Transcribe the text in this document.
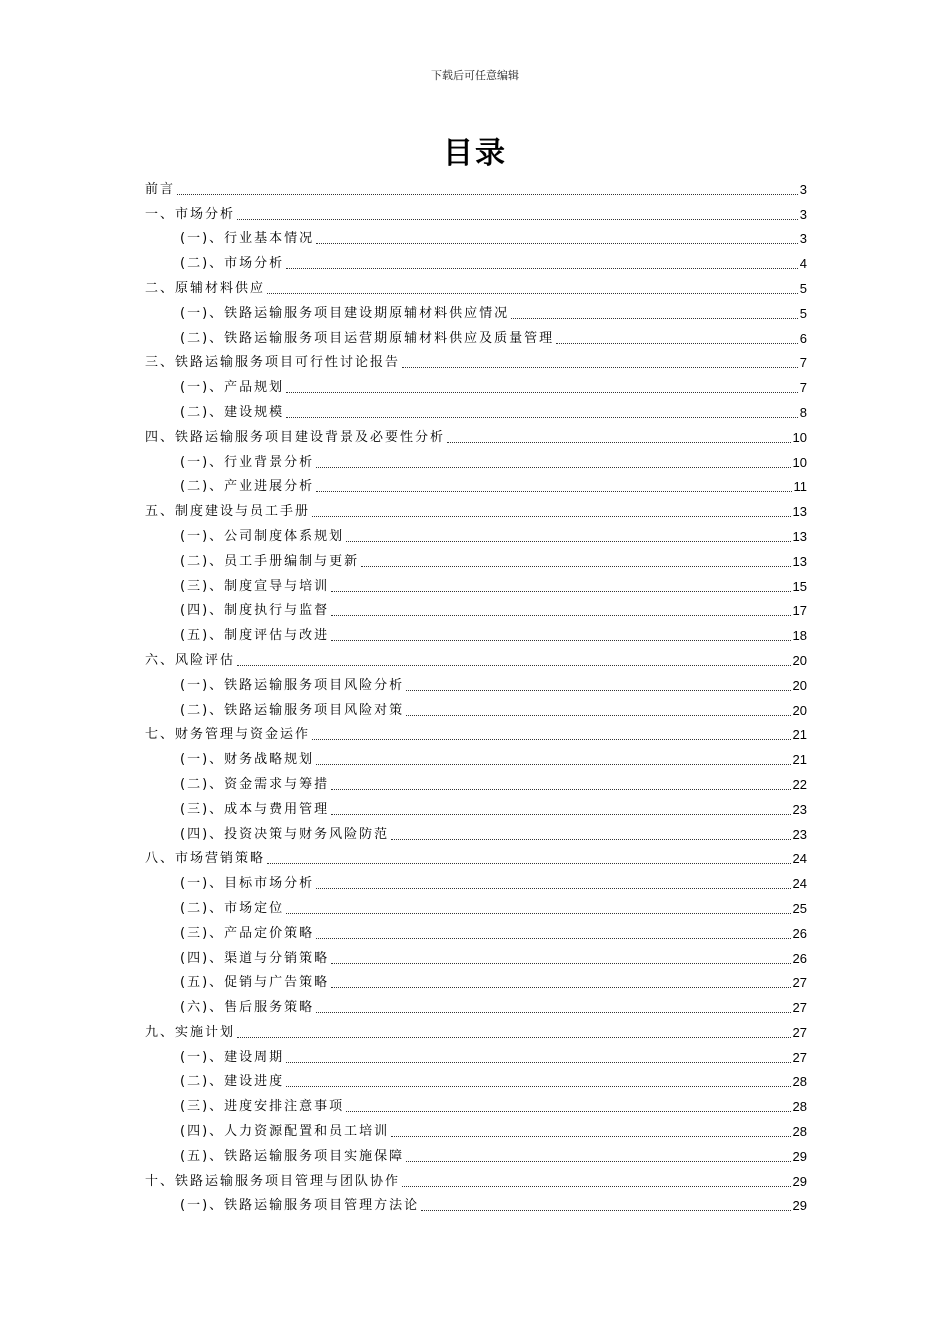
下载后可任意编辑
目录
前言	3
一、市场分析	3
(一)、行业基本情况	3
(二)、市场分析	4
二、原辅材料供应	5
(一)、铁路运输服务项目建设期原辅材料供应情况	5
(二)、铁路运输服务项目运营期原辅材料供应及质量管理	6
三、铁路运输服务项目可行性讨论报告	7
(一)、产品规划	7
(二)、建设规模	8
四、铁路运输服务项目建设背景及必要性分析	10
(一)、行业背景分析	10
(二)、产业进展分析	11
五、制度建设与员工手册	13
(一)、公司制度体系规划	13
(二)、员工手册编制与更新	13
(三)、制度宣导与培训	15
(四)、制度执行与监督	17
(五)、制度评估与改进	18
六、风险评估	20
(一)、铁路运输服务项目风险分析	20
(二)、铁路运输服务项目风险对策	20
七、财务管理与资金运作	21
(一)、财务战略规划	21
(二)、资金需求与筹措	22
(三)、成本与费用管理	23
(四)、投资决策与财务风险防范	23
八、市场营销策略	24
(一)、目标市场分析	24
(二)、市场定位	25
(三)、产品定价策略	26
(四)、渠道与分销策略	26
(五)、促销与广告策略	27
(六)、售后服务策略	27
九、实施计划	27
(一)、建设周期	27
(二)、建设进度	28
(三)、进度安排注意事项	28
(四)、人力资源配置和员工培训	28
(五)、铁路运输服务项目实施保障	29
十、铁路运输服务项目管理与团队协作	29
(一)、铁路运输服务项目管理方法论	29
